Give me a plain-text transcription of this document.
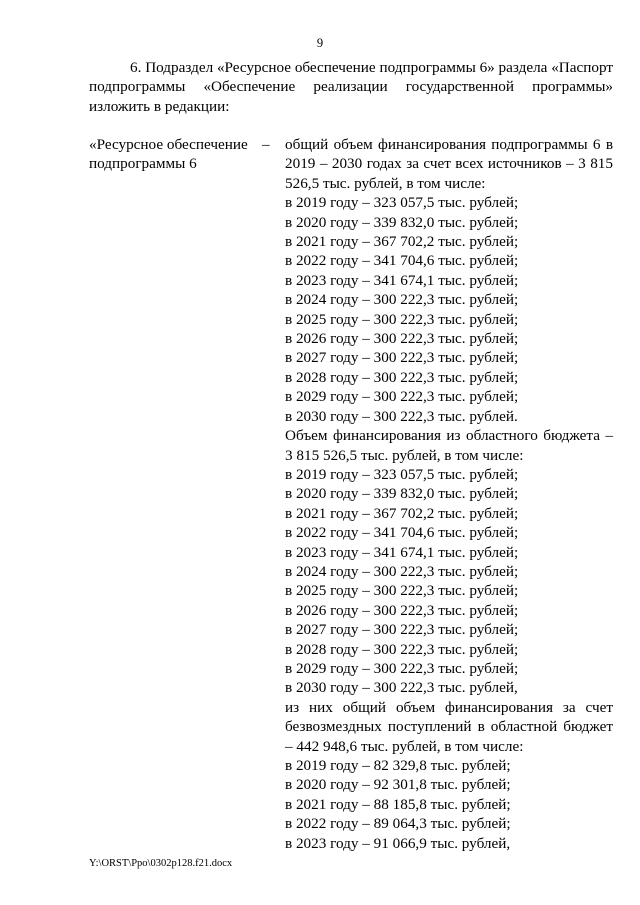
9

6. Подраздел «Ресурсное обеспечение подпрограммы 6» раздела «Паспорт подпрограммы «Обеспечение реализации государственной программы» изложить в редакции:

«Ресурсное обеспечение
подпрограммы 6
– общий объем финансирования подпрограммы 6 в 2019 – 2030 годах за счет всех источников – 3 815 526,5 тыс. рублей, в том числе:

в 2019 году – 323 057,5 тыс. рублей;
в 2020 году – 339 832,0 тыс. рублей;
в 2021 году – 367 702,2 тыс. рублей;
в 2022 году – 341 704,6 тыс. рублей;
в 2023 году – 341 674,1 тыс. рублей;
в 2024 году – 300 222,3 тыс. рублей;
в 2025 году – 300 222,3 тыс. рублей;
в 2026 году – 300 222,3 тыс. рублей;
в 2027 году – 300 222,3 тыс. рублей;
в 2028 году – 300 222,3 тыс. рублей;
в 2029 году – 300 222,3 тыс. рублей;
в 2030 году – 300 222,3 тыс. рублей.

Объем финансирования из областного бюджета – 3 815 526,5 тыс. рублей, в том числе:

в 2019 году – 323 057,5 тыс. рублей;
в 2020 году – 339 832,0 тыс. рублей;
в 2021 году – 367 702,2 тыс. рублей;
в 2022 году – 341 704,6 тыс. рублей;
в 2023 году – 341 674,1 тыс. рублей;
в 2024 году – 300 222,3 тыс. рублей;
в 2025 году – 300 222,3 тыс. рублей;
в 2026 году – 300 222,3 тыс. рублей;
в 2027 году – 300 222,3 тыс. рублей;
в 2028 году – 300 222,3 тыс. рублей;
в 2029 году – 300 222,3 тыс. рублей;
в 2030 году – 300 222,3 тыс. рублей,

из них общий объем финансирования за счет безвозмездных поступлений в областной бюджет – 442 948,6 тыс. рублей, в том числе:

в 2019 году – 82 329,8 тыс. рублей;
в 2020 году – 92 301,8 тыс. рублей;
в 2021 году – 88 185,8 тыс. рублей;
в 2022 году – 89 064,3 тыс. рублей;
в 2023 году – 91 066,9 тыс. рублей,
Y:\ORST\Ppo\0302p128.f21.docx
